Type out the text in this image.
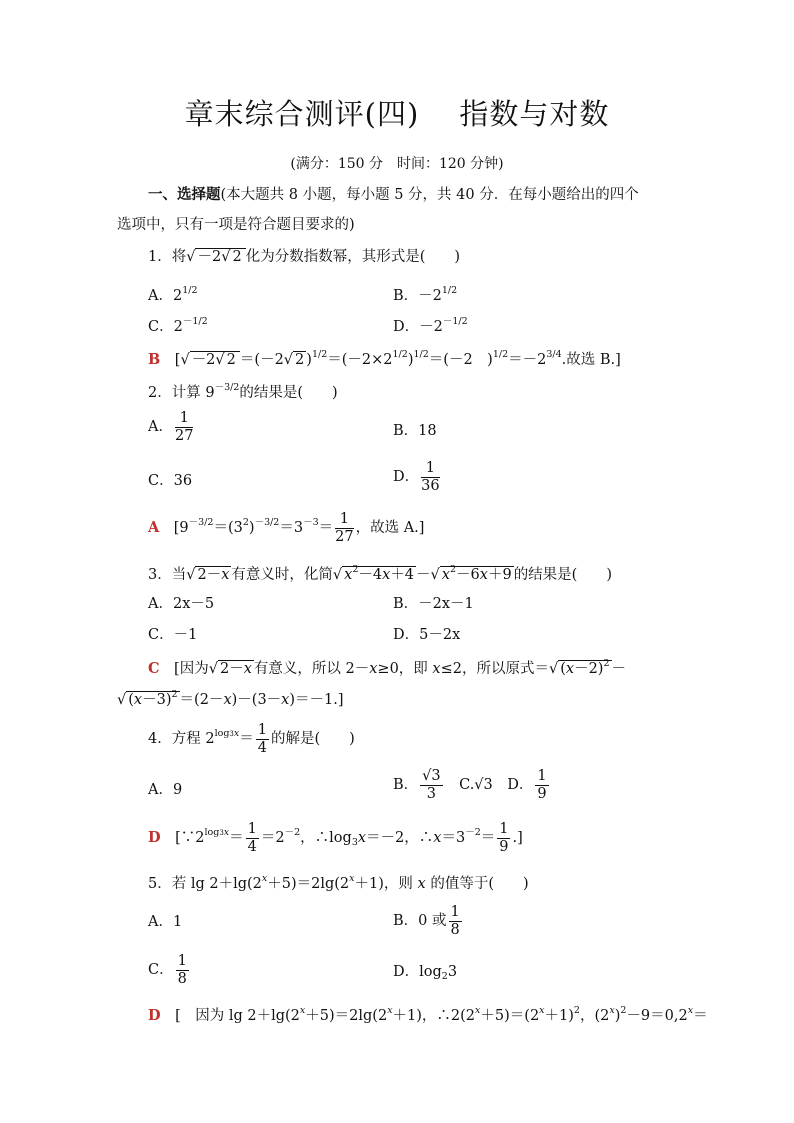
章末综合测评(四) 指数与对数
(满分：150 分　时间：120 分钟)
一、选择题(本大题共 8 小题，每小题 5 分，共 40 分．在每小题给出的四个
选项中，只有一项是符合题目要求的)
1．将√ －2√ 2 化为分数指数幂，其形式是(　　)
A．$2^{1/2}$	B．$-2^{1/2}$
C．$2^{-1/2}$	D．$-2^{-1/2}$
B　[√ －2√ 2 ＝(－2√ 2 )$^{1/2}=(-2\times 2^{1/2})^{1/2}=(-2$　)$^{1/2}=-2^{3/4}$.故选 B.]
2．计算 $9^{-3/2}$的结果是(　　)
A． $\frac{1}{27}$	B．18
C．36	D． $\frac{1}{36}$
A　[$9^{-3/2}=(3^2)^{-3/2}=3^{-3}= \frac{1}{27}$ ，故选 A.]
3．当√ 2－x 有意义时，化简√ $x^2-4x+4$ －√ $x^2-6x+9$ 的结果是(　　)
A．2x－5	B．－2x－1
C．－1	D．5－2x
C　[因为√ 2－x 有意义，所以 2－x≥0，即 x≤2，所以原式＝√ $(x-2)^2$ －
√ $(x-3)^2 =(2-x)-(3-x)=-1$.]
4．方程 $2^{log3x}= \frac{1}{4}$ 的解是(　　)
A．9	B． $\frac{√3}{3}$ 　C.√3　D． $\frac{1}{9}$
D　[$\because 2^{log3x}= \frac{1}{4} =2^{-2}$，$\therefore\log_3x=-2$，$\therefore x=3^{-2}= \frac{1}{9}$ .]
5．若 $\lg 2+\lg(2^x+5)=2\lg(2^x+1)$，则 x 的值等于(　　)
A．1	B．0 或 $\frac{1}{8}$
C． $\frac{1}{8}$	D．$\log_23$
D　[　因为 $\lg 2+\lg(2^x+5)=2\lg(2^x+1)$，$\therefore 2(2^x+5)=(2^x+1)^2$，$(2^x)^2-9=0,2^x=$
